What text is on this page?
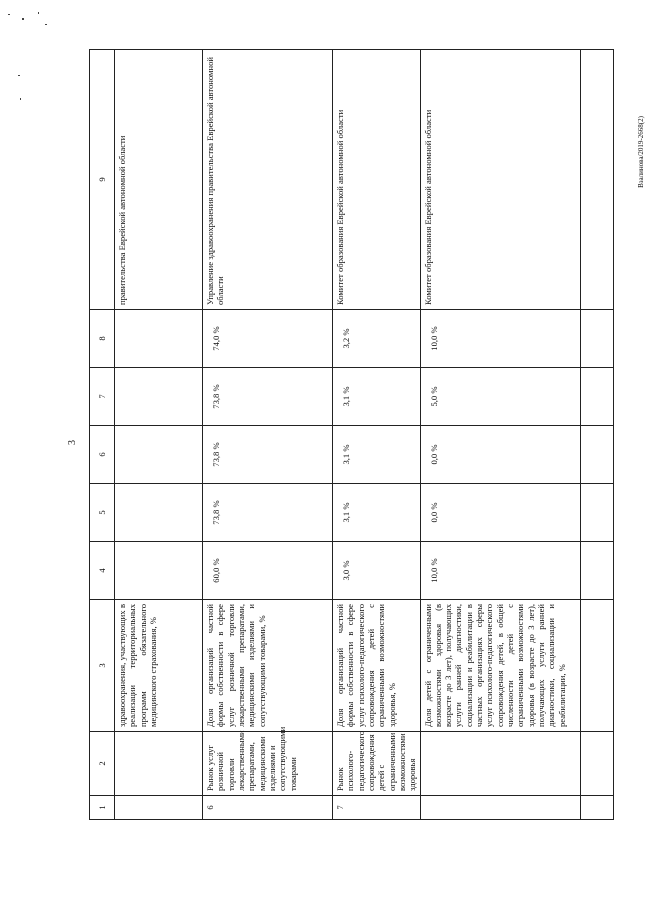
3
Взалинова/2019-2668(2)
1	2	3	4	5	6	7	8	9
		здравоохранения, участвующих в реализации территориальных программ обязательного медицинского страхования, %						правительства Еврейской автономной области
6	Рынок услуг розничной торговли лекарственными препаратами, медицинскими изделиями и сопутствующими товарами	Доля организаций частной формы собственности в сфере услуг розничной торговли лекарственными препаратами, медицинскими изделиями и сопутствующими товарами, %	60,0 %	73,8 %	73,8 %	73,8 %	74,0 %	Управление здравоохранения правительства Еврейской автономной области
7	Рынок психолого-педагогического сопровождения детей с ограниченными возможностями здоровья	Доля организаций частной формы собственности в сфере услуг психолого-педагогического сопровождения детей с ограниченными возможностями здоровья, %	3,0 %	3,1 %	3,1 %	3,1 %	3,2 %	Комитет образования Еврейской автономной области
		Доля детей с ограниченными возможностями здоровья (в возрасте до 3 лет), получающих услуги ранней диагностики, социализации и реабилитации в частных организациях сферы услуг психолого-педагогического сопровождения детей, в общей численности детей с ограниченными возможностями здоровья (в возрасте до 3 лет), получающих услуги ранней диагностики, социализации и реабилитации, %	10,0 %	0,0 %	0,0 %	5,0 %	10,0 %	Комитет образования Еврейской автономной области
